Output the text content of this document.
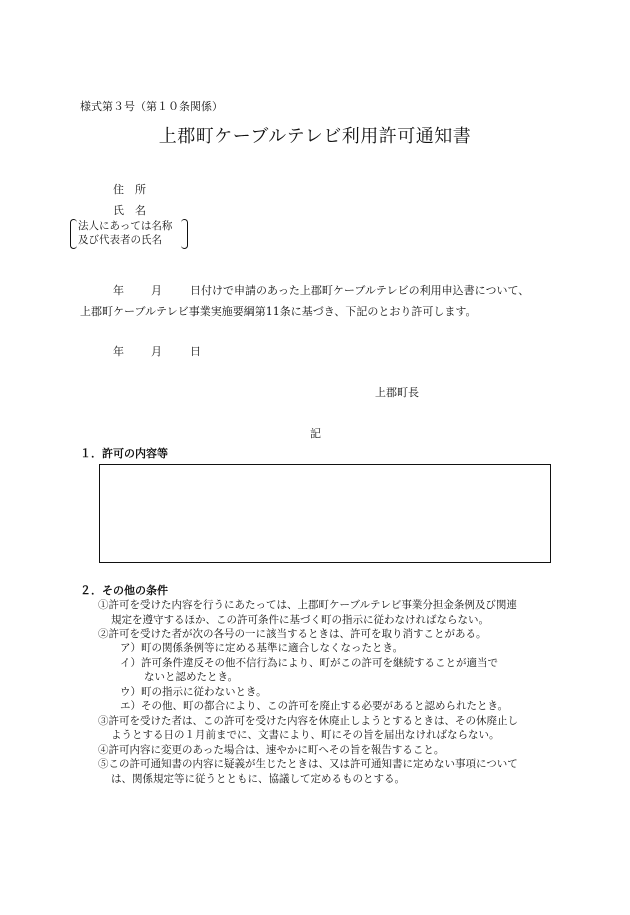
様式第３号（第１０条関係）
上郡町ケーブルテレビ利用許可通知書
住　所
氏　名
法人にあっては名称
及び代表者の氏名
年 月	日付けで申請のあった上郡町ケーブルテレビの利用申込書について、
上郡町ケーブルテレビ事業実施要綱第11条に基づき、下記のとおり許可します。
年 月	日
上郡町長
記
１．許可の内容等
２．その他の条件
①許可を受けた内容を行うにあたっては、上郡町ケーブルテレビ事業分担金条例及び関連
規定を遵守するほか、この許可条件に基づく町の指示に従わなければならない。
②許可を受けた者が次の各号の一に該当するときは、許可を取り消すことがある。
ア）町の関係条例等に定める基準に適合しなくなったとき。
イ）許可条件違反その他不信行為により、町がこの許可を継続することが適当で
ないと認めたとき。
ウ）町の指示に従わないとき。
エ）その他、町の都合により、この許可を廃止する必要があると認められたとき。
③許可を受けた者は、この許可を受けた内容を休廃止しようとするときは、その休廃止し
ようとする日の１月前までに、文書により、町にその旨を届出なければならない。
④許可内容に変更のあった場合は、速やかに町へその旨を報告すること。
⑤この許可通知書の内容に疑義が生じたときは、又は許可通知書に定めない事項について
は、関係規定等に従うとともに、協議して定めるものとする。
